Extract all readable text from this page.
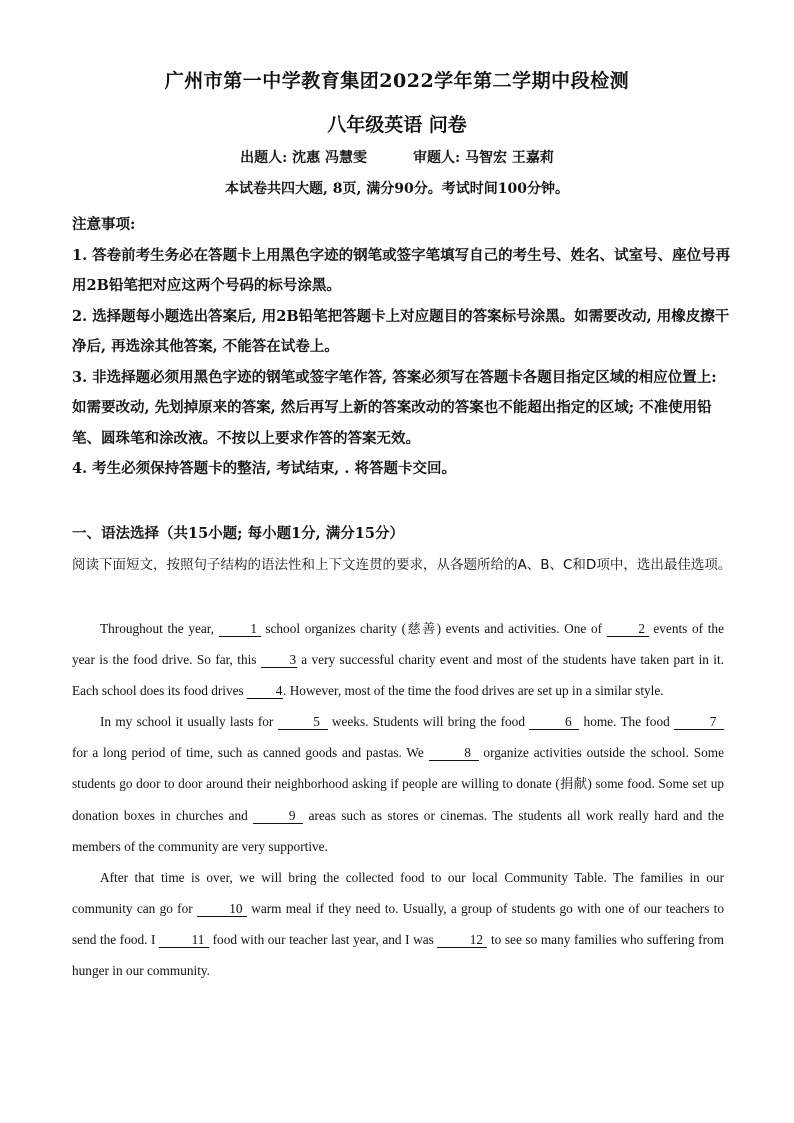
广州市第一中学教育集团2022学年第二学期中段检测
八年级英语 问卷
出题人: 沈惠 冯慧雯	审题人: 马智宏 王嘉莉
本试卷共四大题, 8页, 满分90分。考试时间100分钟。

注意事项:

1. 答卷前考生务必在答题卡上用黑色字迹的钢笔或签字笔填写自己的考生号、姓名、试室号、座位号再用2B铅笔把对应这两个号码的标号涂黑。

2. 选择题每小题选出答案后, 用2B铅笔把答题卡上对应题目的答案标号涂黑。如需要改动, 用橡皮擦干

净后, 再选涂其他答案, 不能答在试卷上。

3. 非选择题必须用黑色字迹的钢笔或签字笔作答, 答案必须写在答题卡各题目指定区域的相应位置上: 如需要改动, 先划掉原来的答案, 然后再写上新的答案改动的答案也不能超出指定的区域; 不准使用铅笔、圆珠笔和涂改液。不按以上要求作答的答案无效。

4. 考生必须保持答题卡的整洁, 考试结束, . 将答题卡交回。

一、语法选择（共15小题; 每小题1分, 满分15分）
阅读下面短文，按照句子结构的语法性和上下文连贯的要求，从各题所给的A、B、C和D项中，选出最佳选项。

Throughout the year,	1 school organizes charity (慈善) events and activities. One of	2 events of the year is the food drive. So far, this 3 a very successful charity event and most of the students have taken part in it. Each school does its food drives 4. However, most of the time the food drives are set up in a similar style.

In my school it usually lasts for	5 weeks. Students will bring the food	6 home. The food	7 for a long period of time, such as canned goods and pastas. We	8 organize activities outside the school. Some students go door to door around their neighborhood asking if people are willing to donate (捐献) some food. Some set up donation boxes in churches and	9 areas such as stores or cinemas. The students all work really hard and the members of the community are very supportive.

After that time is over, we will bring the collected food to our local Community Table. The families in our community can go for	10 warm meal if they need to. Usually, a group of students go with one of our teachers to send the food. I	11 food with our teacher last year, and I was	12 to see so many families who suffering from hunger in our community.
